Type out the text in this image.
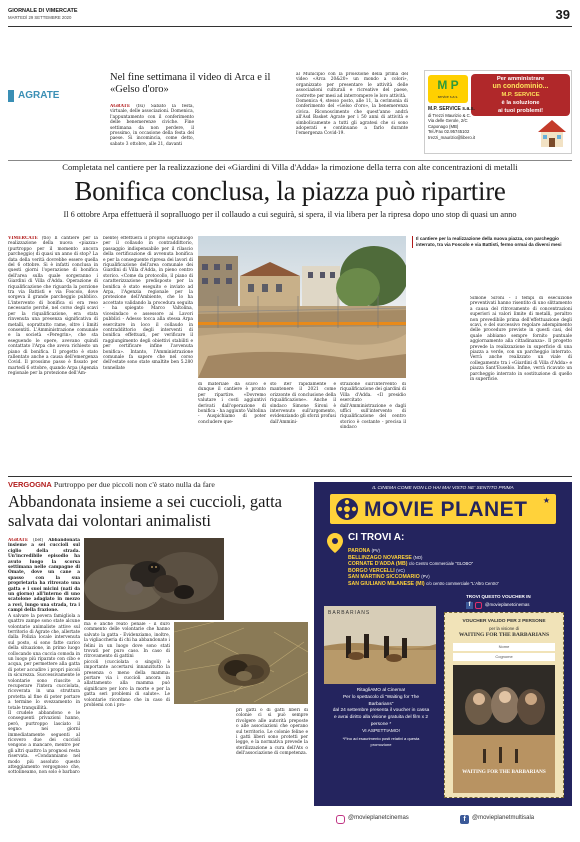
GIORNALE DI VIMERCATE
MARTEDÌ 29 SETTEMBRE 2020	39
AGRATE
Nel fine settimana il video di Arca e il «Gelso d'oro»
AGRATE (fsi) Sabato la festa, virtuale, delle associazioni. Domenica, l'appuntamento con il conferimento delle benemerenze civiche. Fine settimana da non perdere, il prossimo, in occasione della festa del paese. Si incomincia, come detto, sabato 3 ottobre, alle 21, davanti
al Municipio con la proiezione della prima del video «Arca 20&20» un mondo a colori», organizzato per presentare le attività delle associazioni culturali e ricreative del paese, costrette per mesi ad interrompere le loro attività.
Domenica 4, stesso posto, alle 11, la cerimonia di conferimento del «Gelso d'oro», la benemerenza civica. Riconoscimento che quest'anno andrà all'Asd Basket Agrate per i 50 anni di attività e simbolicamente a tutti gli agratesi che si sono adoperati e continuano a farlo durante l'emergenza Covid-19.
M P
service s.a.s.
Per amministrare
un condominio...
M.P. SERVICE
è la soluzione
ai tuoi problemi!
M.P. SERVICE s.a.s.
di Trezzi Maurizio & C.
Via delle Gerole, 2/C
Caponago (MB)
Tel./Fax 02.95745102
trezzi_maurizio@libero.it
Completata nel cantiere per la realizzazione dei «Giardini di Villa d'Adda» la rimozione della terra con alte concentrazioni di metalli
Bonifica conclusa, la piazza può ripartire
Il 6 ottobre Arpa effettuerà il sopralluogo per il collaudo a cui seguirà, si spera, il via libera per la ripresa dopo uno stop di quasi un anno
VIMERCATE (tlo) Il cantiere per la realizzazione della nuova «piazza» (purtroppo per il momento ancora parcheggio) di quasi un anno di stop? La data della verità dovrebbe essere quella del 6 ottobre. Si è infatti conclusa in questi giorni l'operazione di bonifica dell'area sulla quale sorgeranno i Giardini di Villa d'Adda. Operazione di riqualificazione che riguarda la porzione tra via Battisti e via Foscolo, dove sorgeva il grande parcheggio pubblico. L'intervento di bonifica si era reso necessario perché, nel corso degli scavi per la riqualificazione, era stata rinvenuta una presenza significativa di metalli, soprattutto rame, oltre i limiti consentiti. L'Amministrazione comunale e la società «Peregrin», che sta eseguendo le opere, avevano quindi contattato l'Arpa che aveva richiesto un piano di bonifica. Il progetto è stato rallentato anche a causa dell'emergenza Covid. Il prossimo passo è fissato per martedì 6 ottobre, quando Arpa (Agenzia regionale per la protezione dell'Am-
biente) effettuerà il proprio sopralluogo per il collaudo in contraddittorio, passaggio indispensabile per il rilascio della certificazione di avvenuta bonifica e per la conseguente ripresa dei lavori di riqualificazione dell'area comunale dei Giardini di Villa d'Adda, in pieno centro storico. «Come da protocollo, il piano di caratterizzazione predisposto per la bonifica è stato eseguito e inviato ad Arpa, l'Agenzia regionale per la protezione dell'Ambiente, che lo ha accettato validando la procedura seguita - ha spiegato Marco Valtolina, vicesindaco e assessore ai Lavori pubblici - Adesso tocca alla stessa Arpa esercitare in loco il collaudo in contraddittorio degli interventi di bonifica effettuati, per verificare il raggiungimento degli obiettivi stabiliti e per certificare infine l'avvenuta bonifica». Intanto, l'Amministrazione comunale fa sapere che nel corso dell'estate sono state smaltite ben 5.280 tonnellate
di materiale da scavo e dunque il cantiere è pronto per ripartire. «Dovremo valutare i costi aggiuntivi derivati dall'operazione di bonifica - ha aggiunto Valtolina - Auspichiamo di poter concludere que-
sto iter rapidamente e mantenere il 2021 come orizzonte di conclusione della riqualificazione». Anche il sindaco Simone Sironi è intervenuto sull'argomento, evidenziando gli sforzi profusi dall'Ammini-
strazione sull'intervento di riqualificazione dei giardini di Villa d'Adda. «Il presidio esercitato dall'Amministrazione e dagli uffici sull'intervento di riqualificazione del centro storico è costante - precisa il sindaco
Il cantiere per la realizzazione della nuova piazza, con parcheggio interrato, tra via Foscolo e via Battisti, fermo ormai da diversi mesi
Simone Sironi - I tempi di esecuzione preventivati hanno risentito di uno slittamento a causa del ritrovamento di concentrazioni superiori ai valori limite di metalli, peraltro non prevedibile prima dell'effettuazione degli scavi, e del successivo regolare adempimento delle procedure previste in questi casi, del quale abbiamo sempre fornito puntuale aggiornamento alla cittadinanza». Il progetto prevede la realizzazione in superficie di una piazza a verde, con un parcheggio interrato. Verrà anche realizzato un viale di collegamento tra i «Giardini di Villa d'Adda» e piazza Sant'Eusebio. Infine, verrà ricavato un parcheggio interrato in sostituzione di quello in superficie.
VERGOGNA Purtroppo per due piccoli non c'è stato nulla da fare
Abbandonata insieme a sei cuccioli, gatta salvata dai volontari animalisti
AGRATE (bef) Abbandonata insieme a sei cuccioli sul ciglio della strada. Un'incredibile episodio ha avuto luogo la scorsa settimana nelle campagne di Omate, dove un cane a spasso con la sua proprietaria ha ritrovato una gatta e i suoi micini (nati da un giorno) all'interno di uno scatolone adagiato in mezzo a rovi, lungo una strada, tra i campi della frazione.
A salvare la povera famigliola a quattro zampe sono state alcune volontarie animaliste attive sul territorio di Agrate che, allertate dalla Polizia locale intervenuta sul posto, si sono fatte carico della situazione, in primo luogo collocando una cuccia comoda in un luogo più riparato con cibo e acqua, per permettere alla gatta di poter accudire i propri piccoli in sicurezza. Successivamente le volontarie sono riuscite a recuperare l'intera cucciolata, ricoverata in una struttura protetta al fine di poter portare a termine lo svezzamento in totale tranquillità.
Il crudele abbandono e le conseguenti privazioni hanno, però, purtroppo lasciato il segno: nei giorni immediatamente seguenti al ricovero due dei cuccioli vengono a mancare, mentre per gli altri quattro la prognosi resta riservata. «Condanniamo nel modo più assoluto questo atteggiamento vergognoso che, sottolineamo, non solo è barbaro
ma è anche reato penale - il duro commento delle volontarie che hanno salvato la gatta - Evidenziamo, inoltre, la vigliaccheria di chi ha abbandonato i felini in un luogo dove sono stati trovati per puro caso. In caso di ritrovamento di gattini
piccoli (cucciolata o singoli) è importante accertarsi innanzitutto la presenza o meno della mamma: portare via i cuccioli ancora in allattamento alla mamma può significare per loro la morte e per la gatta seri problemi di salute». Le volontarie ricordano che in caso di problemi con i pro-
pri gatti o di gatti liberi di colonie ci si può sempre rivolgere alle autorità preposte o alle associazioni che operano sul territorio. Le colonie feline e i gatti liberi sono protetti per legge, e la normativa prevede la sterilizzazione a cura dell'Ats o dell'associazione di competenza.
IL CINEMA COME NON LO HAI MAI VISTO NE' SENTITO PRIMA
MOVIE PLANET ★
CI TROVI A:
PARONA (PV)
BELLINZAGO NOVARESE (NO)
CORNATE D'ADDA (MB) c/o Centro Commerciale "GLOBO"
BORGO VERCELLI (VC)
SAN MARTINO SICCOMARIO (PV)
SAN GIULIANO MILANESE (MI) c/o centro commerciale "L'Altro Centro"
TROVI QUESTO VOUCHER IN
f	@movieplanetcinemas
BARBARIANS
RitagliAMO al Cinema!
Per lo spettacolo di "Waiting for The
Barbarians"
dal 24 settembre presenta il voucher in cassa
e avrai diritto alla visione gratuita del film x 2
persone *
VI ASPETTIAMO!
*Fino ad esaurimento posti relativi a questa
promozione
VOUCHER VALIDO PER 2 PERSONE
per la visione di
WAITING FOR THE BARBARIANS
Nome
Cognome
WAITING FOR THE BARBARIANS
@movieplanetcinemas	f	@movieplanetmultisala
